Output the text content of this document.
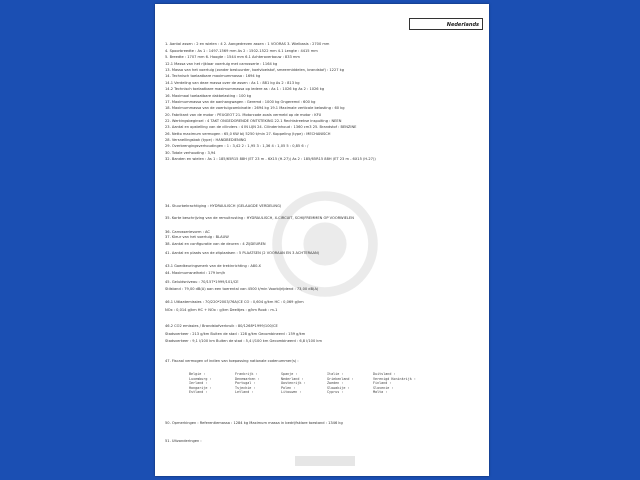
Nederlands
1. Aantal assen : 2 en wielen : 4 2. Aangedreven assen : 1 VOORAS 3. Wielbasis : 2700 mm
4. Spoorbreedte : As 1 : 1497-1569 mm As 2 : 1502-1522 mm 4.1 Lengte : 4415 mm
5. Breedte : 1707 mm 6. Hoogte : 1544 mm 6.1 Achteroverbouw : 833 mm
12.1 Massa van het rijklaar voertuig met carrosserie : 1164 kg
13. Massa van het voertuig (zonder bestuurder, koelvloeistof, smeermiddelen, brandstof) : 1227 kg
14. Technisch toelaatbare maximummassa : 1694 kg
14.1 Verdeling van deze massa over de assen : As 1 : 881 kg As 2 : 813 kg
14.2 Technisch toelaatbare maximummassa op iedere as : As 1 : 1026 kg As 2 : 1026 kg
16. Maximaal toelaatbare dakbelasting : 100 kg
17. Maximummassa van de aanhangwagen : Geremd : 1000 kg Ongeremd : 600 kg
18. Maximummassa van de voertuigcombinatie : 2694 kg 19.1 Maximale verticale belasting : 60 kg
20. Fabrikant van de motor : PEUGEOT 21. Motorcode zoals vermeld op de motor : KFU
22. Werkingsbeginsel : 4 TAKT ONGEDORENDE ONTSTEKING 22.1 Rechtstreekse inspuiting : NEEN
23. Aantal en opstelling van de cilinders : 4 IN LIJN 24. Cilinderinhoud : 1360 cm3 25. Brandstof : BENZINE
26. Netto maximum vermogen : 65,0 KW bij 5250 t/min 27. Koppeling (type) : MECHANISCH
28. Versnellingsbak (type) : HANDBEDIENING
29. Overbrengingsverhoudingen : 1 : 3,42 2 : 1,95 3 : 1,36 4 : 1,05 5 : 0,85 6 : /
30. Totale verhouding : 3,94
32. Banden en wielen : As 1 : 185/65R15 88H (ET 23 m - 6X15 (H-27)) As 2 : 185/65R15 88H (ET 23 m - 6X15 (H-27))
34. Stuurbekrachtiging : HYDRAULISCH (GELAAGDE VERDELING)
35. Korte beschrijving van de remuitrusting : HYDRAULISCH, X-CIRCUIT, SCHIJFREMMEN OP VOORWIELEN
36. Carrosserievorm : AC
37. Kleur van het voertuig : BLAUW
38. Aantal en configuratie van de deuren : 4 ZIJDEUREN
41. Aantal en plaats van de zitplaatsen : 5 PLAATSEN (2 VOORAAN EN 3 ACHTERAAN)
43.1 Goedkeuringsmerk van de trekinrichting : A80-X
44. Maximumsnelheid : 179 km/h
45. Geluidsniveau : 70/157*1999/101/CE
Stilstand : 79,00 dB(A) aan een toerental van 4500 t/min Voorbijrijdend : 73,00 dB(A)
46.1 Uitlaatemissies : 70/220*2003/76A/CE CO : 0,604 g/km HC : 0,069 g/km
NOx : 0,014 g/km HC + NOx : g/km Deeltjes : g/km Rook : m-1
46.2 CO2 emissies / Brandstofverbruik : 80/1268*1999/100/CE
Stadsverkeer : 213 g/km Buiten de stad : 128 g/km Gecombineerd : 159 g/km
Stadsverkeer : 9,1 l/100 km Buiten de stad : 5,4 l/100 km Gecombineerd : 6,8 l/100 km
47. Fiscaal vermogen of indien van toepassing nationale codenummer(s) :
50. Opmerkingen : Referentiemassa : 1284 kg Maximum massa in bedrijfsklare toestand : 1346 kg
51. Uitzonderingen :
Belgie :	Frankrijk :	Spanje :	Italie :	Duitsland :
Luxemburg :	Denemarken :	Nederland :	Griekenland :	Verenigd Koninkrijk :
Ierland :	Portugal :	Oostenrijk :	Zweden :	Finland :
Hongarije :	Tsjechie :	Polen :	Slowakije :	Slovenie :
Estland :	Letland :	Litouwen :	Cyprus :	Malta :
